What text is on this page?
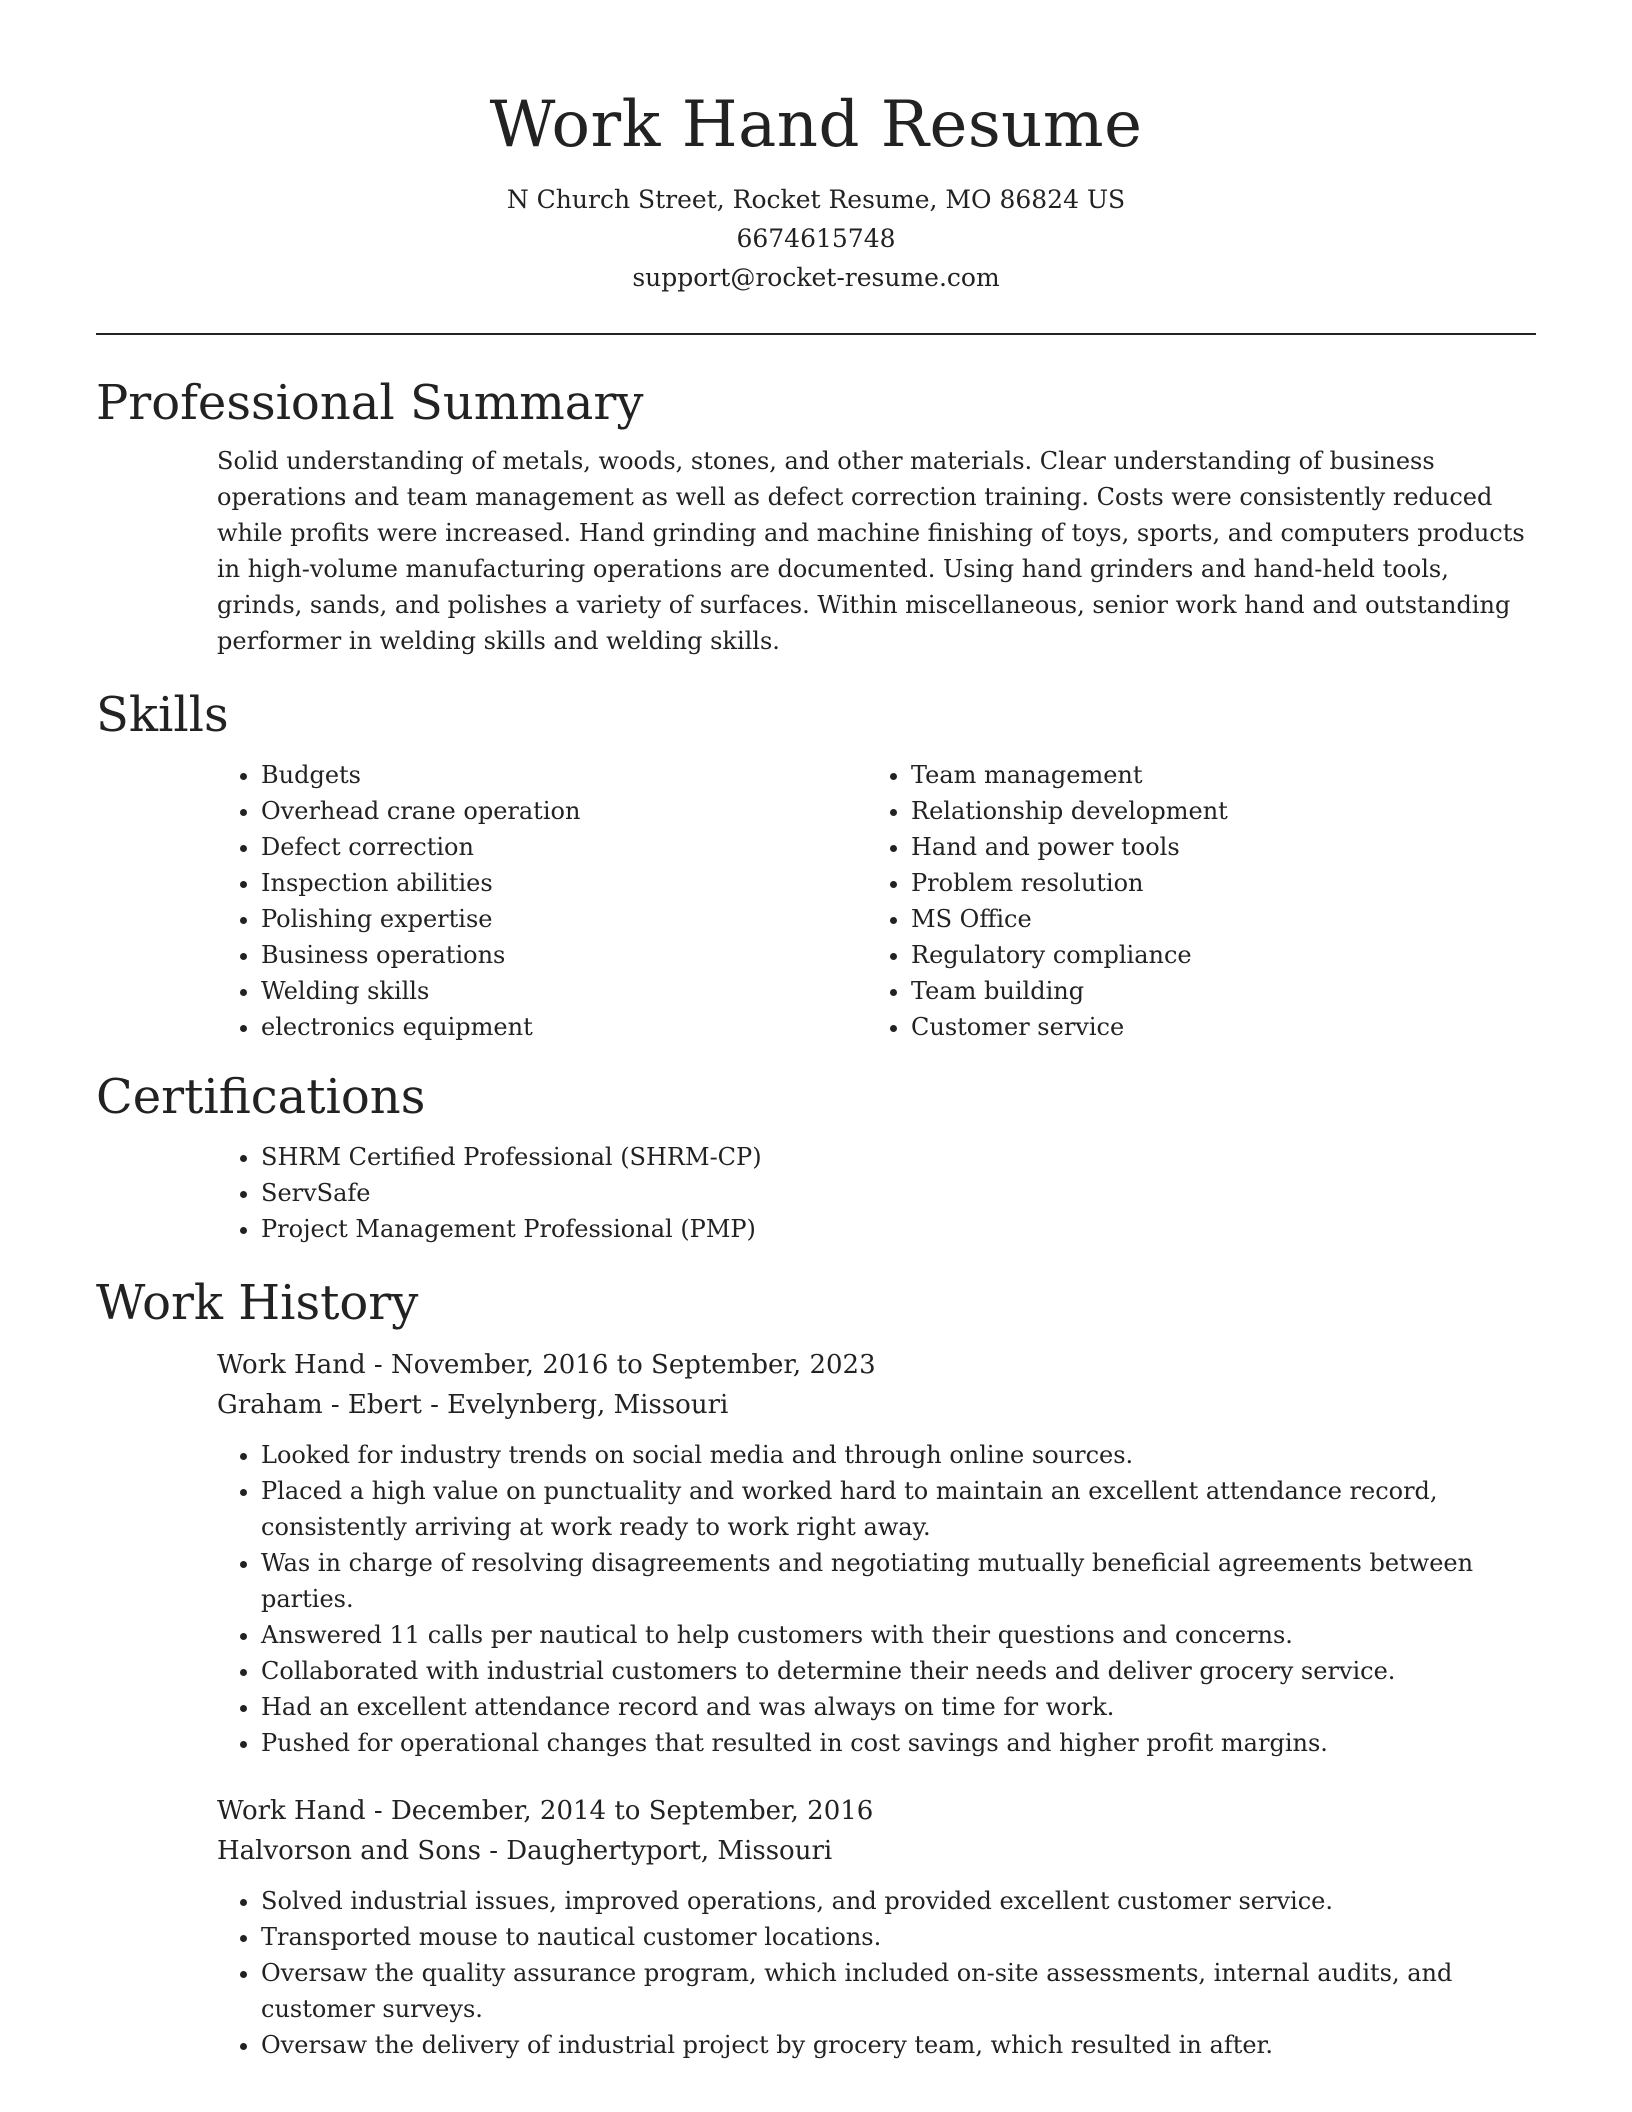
Work Hand Resume
N Church Street, Rocket Resume, MO 86824 US
6674615748
support@rocket-resume.com
Professional Summary

Solid understanding of metals, woods, stones, and other materials. Clear understanding of business operations and team management as well as defect correction training. Costs were consistently reduced while profits were increased. Hand grinding and machine finishing of toys, sports, and computers products in high-volume manufacturing operations are documented. Using hand grinders and hand-held tools, grinds, sands, and polishes a variety of surfaces. Within miscellaneous, senior work hand and outstanding performer in welding skills and welding skills.

Skills
• Budgets
• Overhead crane operation
• Defect correction
• Inspection abilities
• Polishing expertise
• Business operations
• Welding skills
• electronics equipment
• Team management
• Relationship development
• Hand and power tools
• Problem resolution
• MS Office
• Regulatory compliance
• Team building
• Customer service
Certifications
• SHRM Certified Professional (SHRM-CP)
• ServSafe
• Project Management Professional (PMP)
Work History
Work Hand - November, 2016 to September, 2023
Graham - Ebert - Evelynberg, Missouri
• Looked for industry trends on social media and through online sources.
• Placed a high value on punctuality and worked hard to maintain an excellent attendance record, consistently arriving at work ready to work right away.
• Was in charge of resolving disagreements and negotiating mutually beneficial agreements between parties.
• Answered 11 calls per nautical to help customers with their questions and concerns.
• Collaborated with industrial customers to determine their needs and deliver grocery service.
• Had an excellent attendance record and was always on time for work.
• Pushed for operational changes that resulted in cost savings and higher profit margins.
Work Hand - December, 2014 to September, 2016
Halvorson and Sons - Daughertyport, Missouri
• Solved industrial issues, improved operations, and provided excellent customer service.
• Transported mouse to nautical customer locations.
• Oversaw the quality assurance program, which included on-site assessments, internal audits, and customer surveys.
• Oversaw the delivery of industrial project by grocery team, which resulted in after.
